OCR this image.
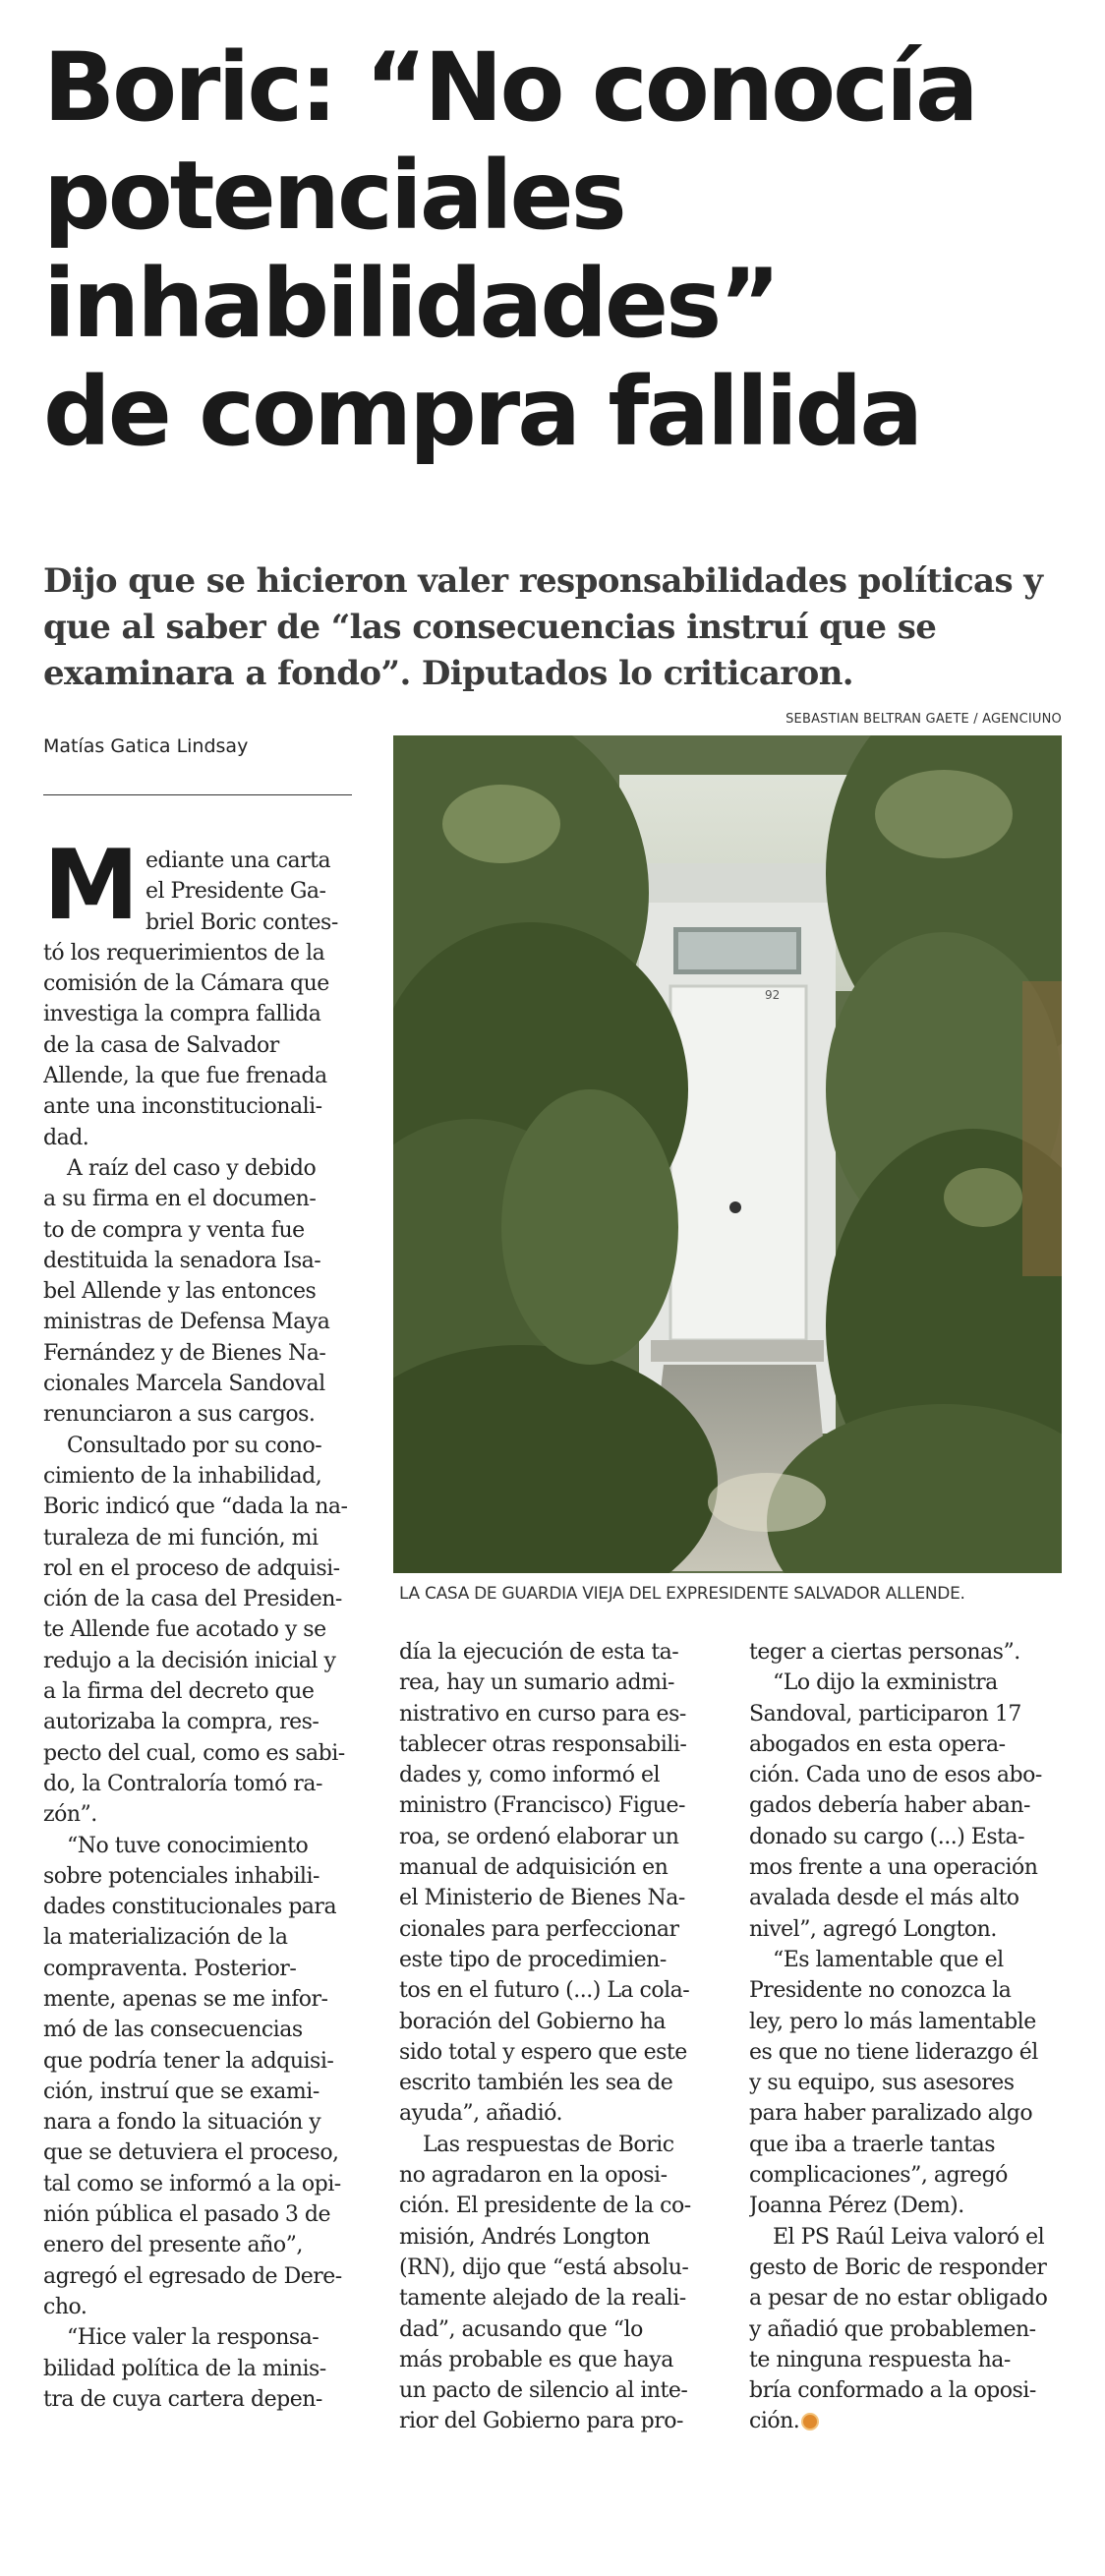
Boric: “No conocía
potenciales
inhabilidades”
de compra fallida

Dijo que se hicieron valer responsabilidades políticas y
que al saber de “las consecuencias instruí que se
examinara a fondo”. Diputados lo criticaron.

SEBASTIAN BELTRAN GAETE / AGENCIUNO
Matías Gatica Lindsay
92
LA CASA DE GUARDIA VIEJA DEL EXPRESIDENTE SALVADOR ALLENDE.
M ediante una carta
el Presidente Ga-
briel Boric contes-
tó los requerimientos de la
comisión de la Cámara que
investiga la compra fallida
de la casa de Salvador
Allende, la que fue frenada
ante una inconstitucionali-
dad.
A raíz del caso y debido
a su firma en el documen-
to de compra y venta fue
destituida la senadora Isa-
bel Allende y las entonces
ministras de Defensa Maya
Fernández y de Bienes Na-
cionales Marcela Sandoval
renunciaron a sus cargos.
Consultado por su cono-
cimiento de la inhabilidad,
Boric indicó que “dada la na-
turaleza de mi función, mi
rol en el proceso de adquisi-
ción de la casa del Presiden-
te Allende fue acotado y se
redujo a la decisión inicial y
a la firma del decreto que
autorizaba la compra, res-
pecto del cual, como es sabi-
do, la Contraloría tomó ra-
zón”.
“No tuve conocimiento
sobre potenciales inhabili-
dades constitucionales para
la materialización de la
compraventa. Posterior-
mente, apenas se me infor-
mó de las consecuencias
que podría tener la adquisi-
ción, instruí que se exami-
nara a fondo la situación y
que se detuviera el proceso,
tal como se informó a la opi-
nión pública el pasado 3 de
enero del presente año”,
agregó el egresado de Dere-
cho.
“Hice valer la responsa-
bilidad política de la minis-
tra de cuya cartera depen-
día la ejecución de esta ta-
rea, hay un sumario admi-
nistrativo en curso para es-
tablecer otras responsabili-
dades y, como informó el
ministro (Francisco) Figue-
roa, se ordenó elaborar un
manual de adquisición en
el Ministerio de Bienes Na-
cionales para perfeccionar
este tipo de procedimien-
tos en el futuro (...) La cola-
boración del Gobierno ha
sido total y espero que este
escrito también les sea de
ayuda”, añadió.
Las respuestas de Boric
no agradaron en la oposi-
ción. El presidente de la co-
misión, Andrés Longton
(RN), dijo que “está absolu-
tamente alejado de la reali-
dad”, acusando que “lo
más probable es que haya
un pacto de silencio al inte-
rior del Gobierno para pro-
teger a ciertas personas”.
“Lo dijo la exministra
Sandoval, participaron 17
abogados en esta opera-
ción. Cada uno de esos abo-
gados debería haber aban-
donado su cargo (...) Esta-
mos frente a una operación
avalada desde el más alto
nivel”, agregó Longton.
“Es lamentable que el
Presidente no conozca la
ley, pero lo más lamentable
es que no tiene liderazgo él
y su equipo, sus asesores
para haber paralizado algo
que iba a traerle tantas
complicaciones”, agregó
Joanna Pérez (Dem).
El PS Raúl Leiva valoró el
gesto de Boric de responder
a pesar de no estar obligado
y añadió que probablemen-
te ninguna respuesta ha-
bría conformado a la oposi-
ción.
